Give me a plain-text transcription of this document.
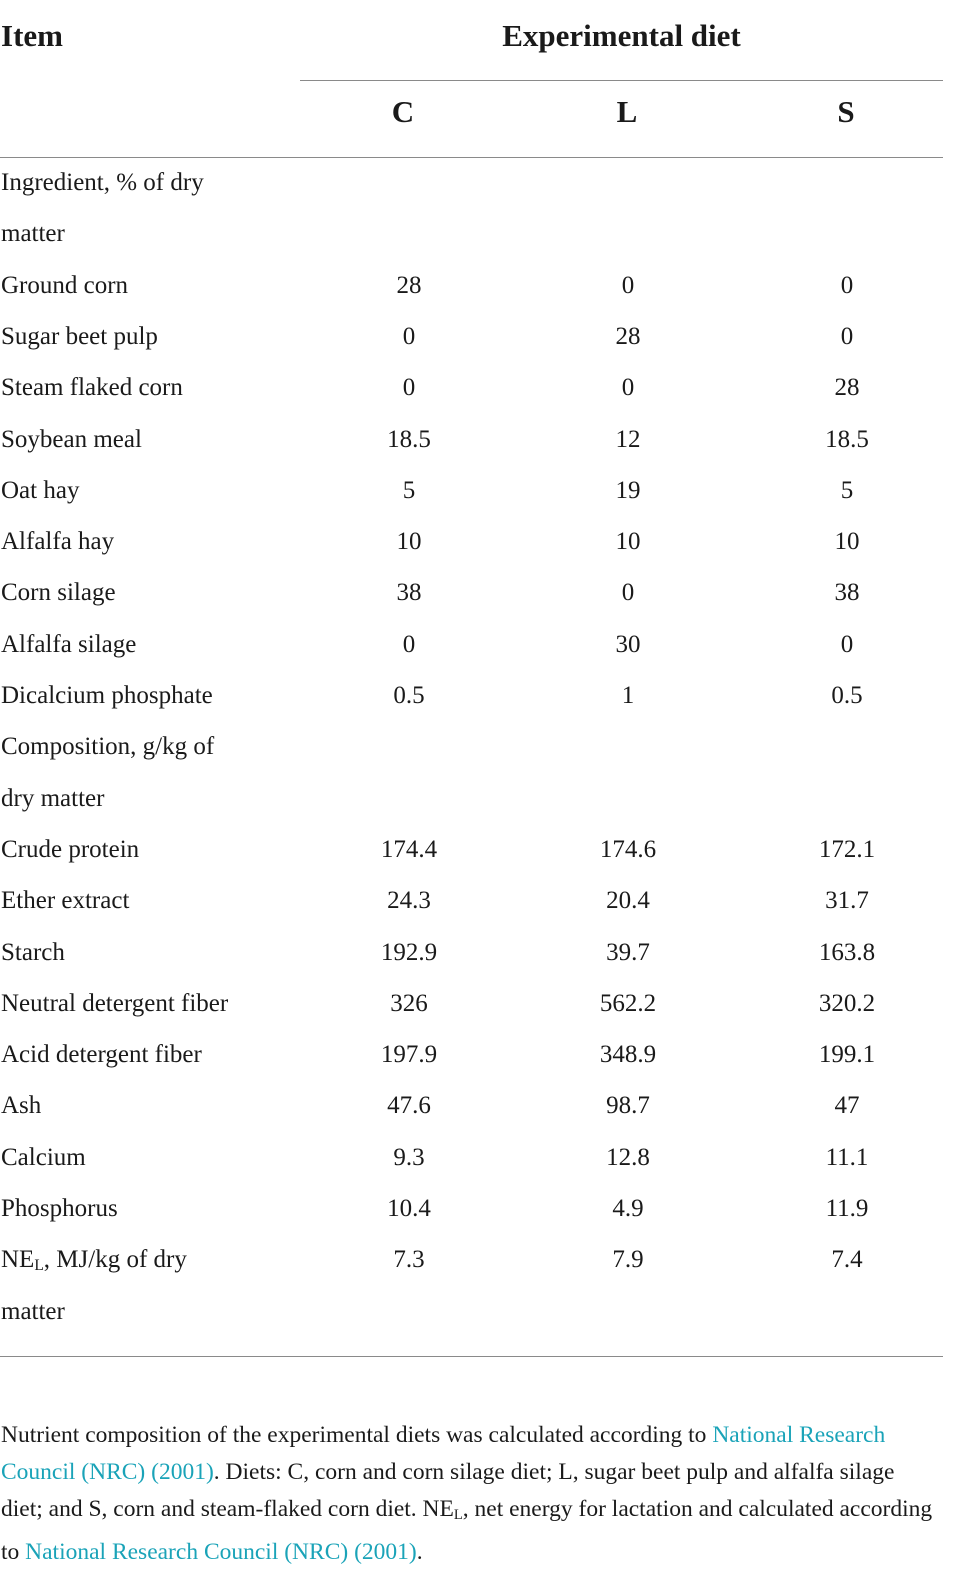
Item	Experimental diet
C	L	S
Ingredient, % of dry
matter
Ground corn	28	0	0
Sugar beet pulp	0	28	0
Steam flaked corn	0	0	28
Soybean meal	18.5	12	18.5
Oat hay	5	19	5
Alfalfa hay	10	10	10
Corn silage	38	0	38
Alfalfa silage	0	30	0
Dicalcium phosphate	0.5	1	0.5
Composition, g/kg of
dry matter
Crude protein	174.4	174.6	172.1
Ether extract	24.3	20.4	31.7
Starch	192.9	39.7	163.8
Neutral detergent fiber	326	562.2	320.2
Acid detergent fiber	197.9	348.9	199.1
Ash	47.6	98.7	47
Calcium	9.3	12.8	11.1
Phosphorus	10.4	4.9	11.9
$NE_L$, MJ/kg of dry	7.3	7.9	7.4
matter

Nutrient composition of the experimental diets was calculated according to National Research Council (NRC) (2001). Diets: C, corn and corn silage diet; L, sugar beet pulp and alfalfa silage diet; and S, corn and steam-flaked corn diet. $NE_L$, net energy for lactation and calculated according to National Research Council (NRC) (2001).
